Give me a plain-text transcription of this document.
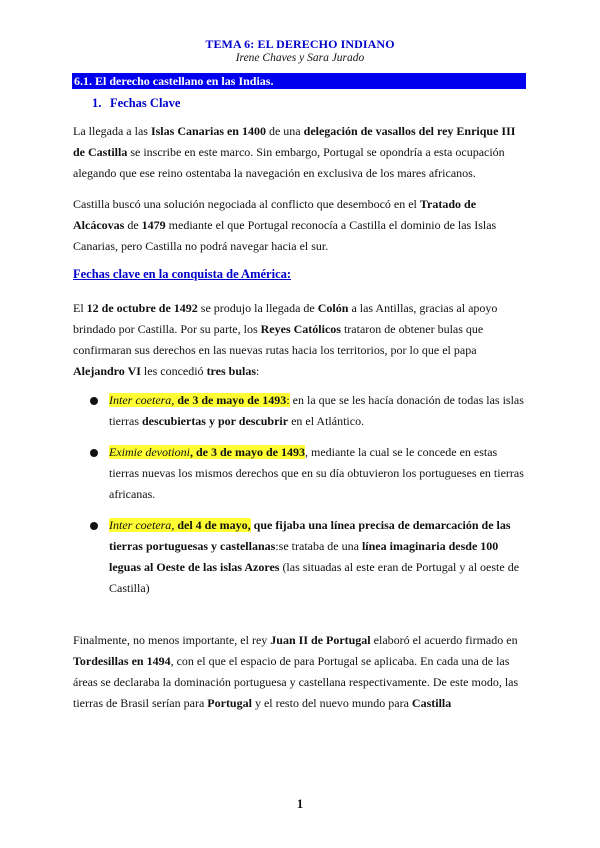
TEMA 6: EL DERECHO INDIANO
Irene Chaves y Sara Jurado
6.1. El derecho castellano en las Indias.
1. Fechas Clave
La llegada a las Islas Canarias en 1400 de una delegación de vasallos del rey Enrique III de Castilla se inscribe en este marco. Sin embargo, Portugal se opondría a esta ocupación alegando que ese reino ostentaba la navegación en exclusiva de los mares africanos.
Castilla buscó una solución negociada al conflicto que desembocó en el Tratado de Alcácovas de 1479 mediante el que Portugal reconocía a Castilla el dominio de las Islas Canarias, pero Castilla no podrá navegar hacia el sur.
Fechas clave en la conquista de América:
El 12 de octubre de 1492 se produjo la llegada de Colón a las Antillas, gracias al apoyo brindado por Castilla. Por su parte, los Reyes Católicos trataron de obtener bulas que confirmaran sus derechos en las nuevas rutas hacia los territorios, por lo que el papa Alejandro VI les concedió tres bulas:
Inter coetera, de 3 de mayo de 1493: en la que se les hacía donación de todas las islas tierras descubiertas y por descubrir en el Atlántico.
Eximie devotioni, de 3 de mayo de 1493, mediante la cual se le concede en estas tierras nuevas los mismos derechos que en su día obtuvieron los portugueses en tierras africanas.
Inter coetera, del 4 de mayo, que fijaba una línea precisa de demarcación de las tierras portuguesas y castellanas:se trataba de una línea imaginaria desde 100 leguas al Oeste de las islas Azores (las situadas al este eran de Portugal y al oeste de Castilla)
Finalmente, no menos importante, el rey Juan II de Portugal elaboró el acuerdo firmado en Tordesillas en 1494, con el que el espacio de para Portugal se aplicaba. En cada una de las áreas se declaraba la dominación portuguesa y castellana respectivamente. De este modo, las tierras de Brasil serían para Portugal y el resto del nuevo mundo para Castilla
1
